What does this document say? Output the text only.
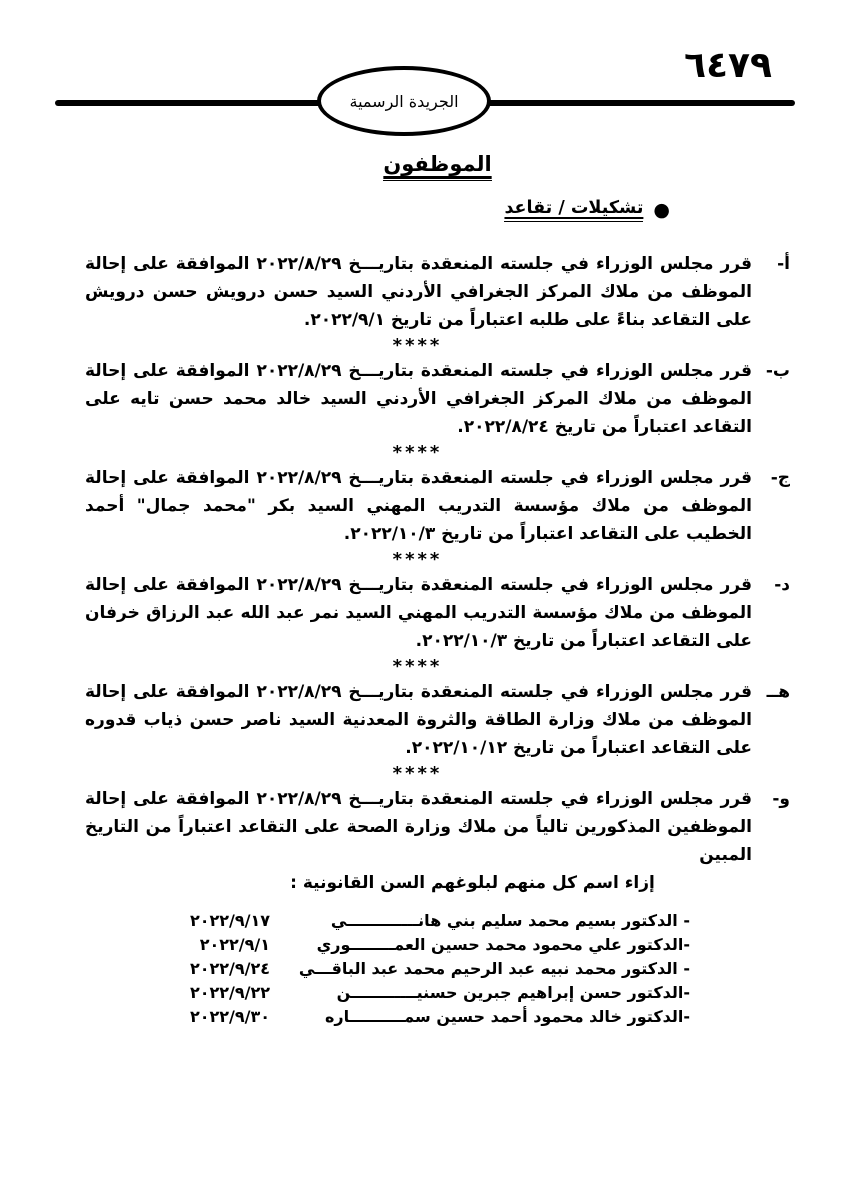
٦٤٧٩
الجريدة الرسمية
الموظفون
●
تشكيلات / تقاعد

أ-قرر مجلس الوزراء في جلسته المنعقدة بتاريـــخ ٢٠٢٢/٨/٢٩ الموافقة على إحالة الموظف من ملاك المركز الجغرافي الأردني السيد حسن درويش حسن درويش على التقاعد بناءً على طلبه اعتباراً من تاريخ ٢٠٢٢/٩/١.

****

ب-قرر مجلس الوزراء في جلسته المنعقدة بتاريـــخ ٢٠٢٢/٨/٢٩ الموافقة على إحالة الموظف من ملاك المركز الجغرافي الأردني السيد خالد محمد حسن تايه على التقاعد اعتباراً من تاريخ ٢٠٢٢/٨/٢٤.

****

ج-قرر مجلس الوزراء في جلسته المنعقدة بتاريـــخ ٢٠٢٢/٨/٢٩ الموافقة على إحالة الموظف من ملاك مؤسسة التدريب المهني السيد بكر "محمد جمال" أحمد الخطيب على التقاعد اعتباراً من تاريخ ٢٠٢٢/١٠/٣.

****

د-قرر مجلس الوزراء في جلسته المنعقدة بتاريـــخ ٢٠٢٢/٨/٢٩ الموافقة على إحالة الموظف من ملاك مؤسسة التدريب المهني السيد نمر عبد الله عبد الرزاق خرفان على التقاعد اعتباراً من تاريخ ٢٠٢٢/١٠/٣.

****

هــقرر مجلس الوزراء في جلسته المنعقدة بتاريـــخ ٢٠٢٢/٨/٢٩ الموافقة على إحالة الموظف من ملاك وزارة الطاقة والثروة المعدنية السيد ناصر حسن ذياب قدوره على التقاعد اعتباراً من تاريخ ٢٠٢٢/١٠/١٢.

****

و-قرر مجلس الوزراء في جلسته المنعقدة بتاريـــخ ٢٠٢٢/٨/٢٩ الموافقة على إحالة الموظفين المذكورين تالياً من ملاك وزارة الصحة على التقاعد اعتباراً من التاريخ المبين

إزاء اسم كل منهم لبلوغهم السن القانونية :
- الدكتور بسيم محمد سليم بني هانـــــــــــــي
٢٠٢٢/٩/١٧
-الدكتور علي محمود محمد حسين العمــــــــوري
٢٠٢٢/٩/١
- الدكتور محمد نبيه عبد الرحيم محمد عبد الباقـــي
٢٠٢٢/٩/٢٤
-الدكتور حسن إبراهيم جبرين حسنيــــــــــــن
٢٠٢٢/٩/٢٢
-الدكتور خالد محمود أحمد حسين سمــــــــــاره
٢٠٢٢/٩/٣٠
